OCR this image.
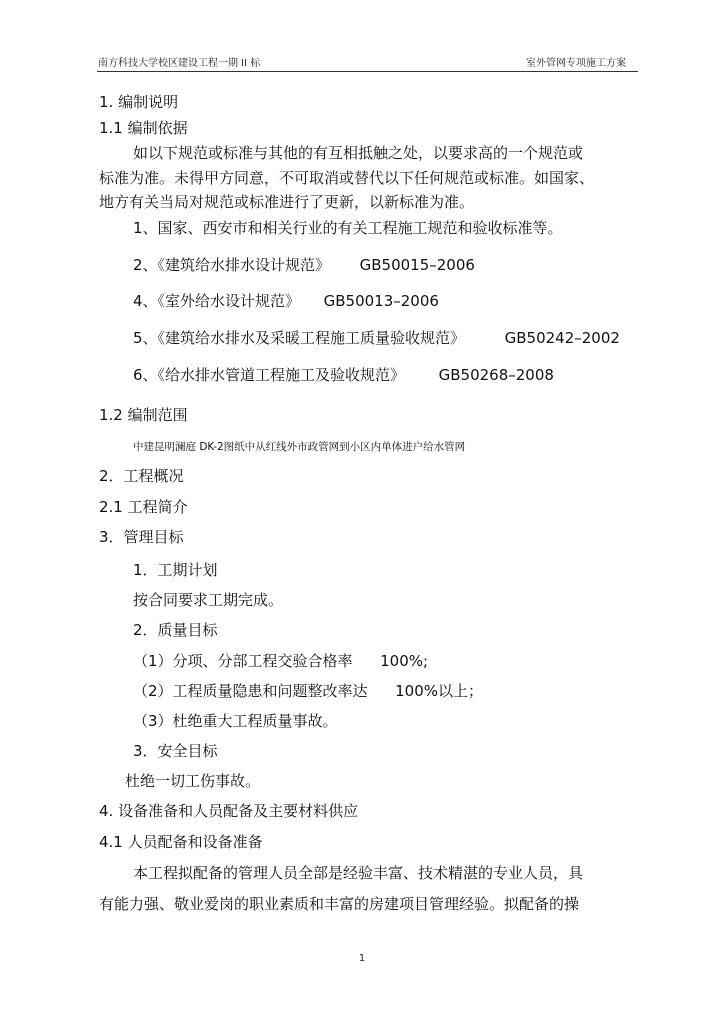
南方科技大学校区建设工程一期 II 标	室外管网专项施工方案
1. 编制说明
1.1 编制依据
如以下规范或标准与其他的有互相抵触之处，以要求高的一个规范或
标准为准。未得甲方同意，不可取消或替代以下任何规范或标准。如国家、
地方有关当局对规范或标准进行了更新，以新标准为准。
1、国家、西安市和相关行业的有关工程施工规范和验收标准等。
2、《建筑给水排水设计规范》 GB50015–2006
4、《室外给水设计规范》 GB50013–2006
5、《建筑给水排水及采暖工程施工质量验收规范》	GB50242–2002
6、《给水排水管道工程施工及验收规范》 GB50268–2008
1.2 编制范围
中建昆明澜庭 DK-2图纸中从红线外市政管网到小区内单体进户给水管网
2．工程概况
2.1 工程简介
3．管理目标
1．工期计划
按合同要求工期完成。
2．质量目标
（1）分项、分部工程交验合格率 100%;
（2）工程质量隐患和问题整改率达 100%以上；
（3）杜绝重大工程质量事故。
3．安全目标
杜绝一切工伤事故。
4. 设备准备和人员配备及主要材料供应
4.1 人员配备和设备准备
本工程拟配备的管理人员全部是经验丰富、技术精湛的专业人员，具
有能力强、敬业爱岗的职业素质和丰富的房建项目管理经验。拟配备的操
1
